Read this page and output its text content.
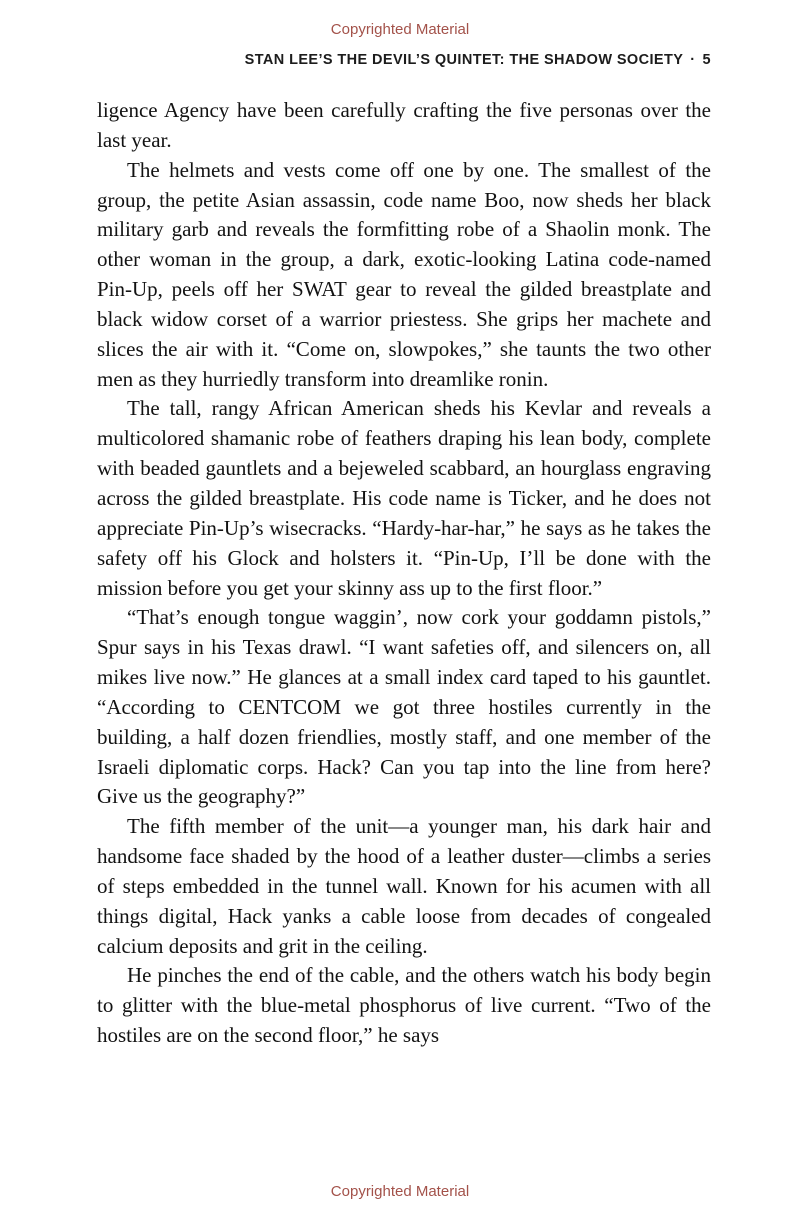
Copyrighted Material
STAN LEE’S THE DEVIL’S QUINTET: THE SHADOW SOCIETY · 5

ligence Agency have been carefully crafting the five personas over the last year.

The helmets and vests come off one by one. The smallest of the group, the petite Asian assassin, code name Boo, now sheds her black military garb and reveals the formfitting robe of a Shaolin monk. The other woman in the group, a dark, exotic-looking Latina code-named Pin-Up, peels off her SWAT gear to reveal the gilded breastplate and black widow corset of a warrior priestess. She grips her machete and slices the air with it. “Come on, slowpokes,” she taunts the two other men as they hurriedly transform into dreamlike ronin.

The tall, rangy African American sheds his Kevlar and reveals a multicolored shamanic robe of feathers draping his lean body, complete with beaded gauntlets and a bejeweled scabbard, an hourglass engraving across the gilded breastplate. His code name is Ticker, and he does not appreciate Pin-Up’s wisecracks. “Hardy-har-har,” he says as he takes the safety off his Glock and holsters it. “Pin-Up, I’ll be done with the mission before you get your skinny ass up to the first floor.”

“That’s enough tongue waggin’, now cork your goddamn pistols,” Spur says in his Texas drawl. “I want safeties off, and silencers on, all mikes live now.” He glances at a small index card taped to his gauntlet. “According to CENTCOM we got three hostiles currently in the building, a half dozen friendlies, mostly staff, and one member of the Israeli diplomatic corps. Hack? Can you tap into the line from here? Give us the geography?”

The fifth member of the unit—a younger man, his dark hair and handsome face shaded by the hood of a leather duster—climbs a series of steps embedded in the tunnel wall. Known for his acumen with all things digital, Hack yanks a cable loose from decades of congealed calcium deposits and grit in the ceiling.

He pinches the end of the cable, and the others watch his body begin to glitter with the blue-metal phosphorus of live current. “Two of the hostiles are on the second floor,” he says

Copyrighted Material
